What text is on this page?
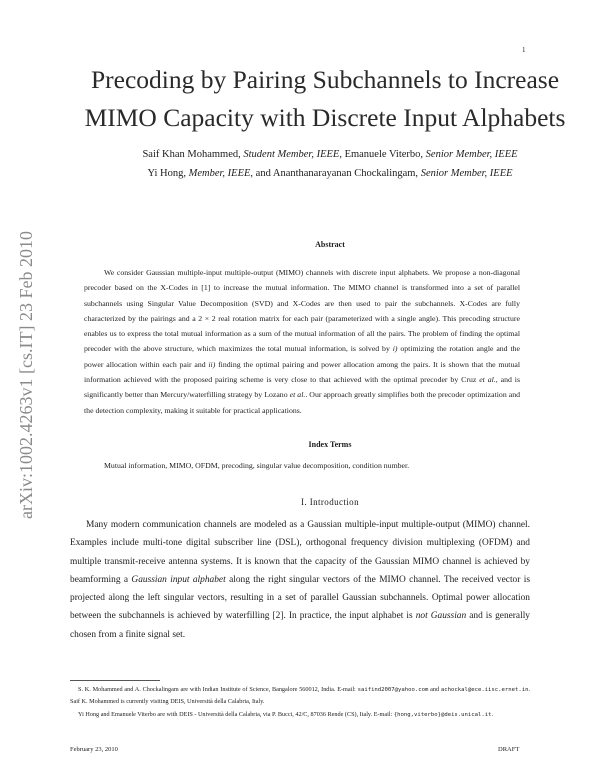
1
arXiv:1002.4263v1 [cs.IT] 23 Feb 2010
Precoding by Pairing Subchannels to Increase
MIMO Capacity with Discrete Input Alphabets
Saif Khan Mohammed, Student Member, IEEE, Emanuele Viterbo, Senior Member, IEEE
Yi Hong, Member, IEEE, and Ananthanarayanan Chockalingam, Senior Member, IEEE
Abstract

We consider Gaussian multiple-input multiple-output (MIMO) channels with discrete input alphabets. We propose a non-diagonal precoder based on the X-Codes in [1] to increase the mutual information. The MIMO channel is transformed into a set of parallel subchannels using Singular Value Decomposition (SVD) and X-Codes are then used to pair the subchannels. X-Codes are fully characterized by the pairings and a 2 × 2 real rotation matrix for each pair (parameterized with a single angle). This precoding structure enables us to express the total mutual information as a sum of the mutual information of all the pairs. The problem of finding the optimal precoder with the above structure, which maximizes the total mutual information, is solved by i) optimizing the rotation angle and the power allocation within each pair and ii) finding the optimal pairing and power allocation among the pairs. It is shown that the mutual information achieved with the proposed pairing scheme is very close to that achieved with the optimal precoder by Cruz et al., and is significantly better than Mercury/waterfilling strategy by Lozano et al.. Our approach greatly simplifies both the precoder optimization and the detection complexity, making it suitable for practical applications.

Index Terms
Mutual information, MIMO, OFDM, precoding, singular value decomposition, condition number.
I. Introduction

Many modern communication channels are modeled as a Gaussian multiple-input multiple-output (MIMO) channel. Examples include multi-tone digital subscriber line (DSL), orthogonal frequency division multiplexing (OFDM) and multiple transmit-receive antenna systems. It is known that the capacity of the Gaussian MIMO channel is achieved by beamforming a Gaussian input alphabet along the right singular vectors of the MIMO channel. The received vector is projected along the left singular vectors, resulting in a set of parallel Gaussian subchannels. Optimal power allocation between the subchannels is achieved by waterfilling [2]. In practice, the input alphabet is not Gaussian and is generally chosen from a finite signal set.

S. K. Mohammed and A. Chockalingam are with Indian Institute of Science, Bangalore 560012, India. E-mail: saifind2007@yahoo.com and achockal@ece.iisc.ernet.in. Saif K. Mohammed is currently visiting DEIS, Università della Calabria, Italy.

Yi Hong and Emanuele Viterbo are with DEIS - Università della Calabria, via P. Bucci, 42/C, 87036 Rende (CS), Italy. E-mail: {hong,viterbo}@deis.unical.it.

February 23, 2010	DRAFT
